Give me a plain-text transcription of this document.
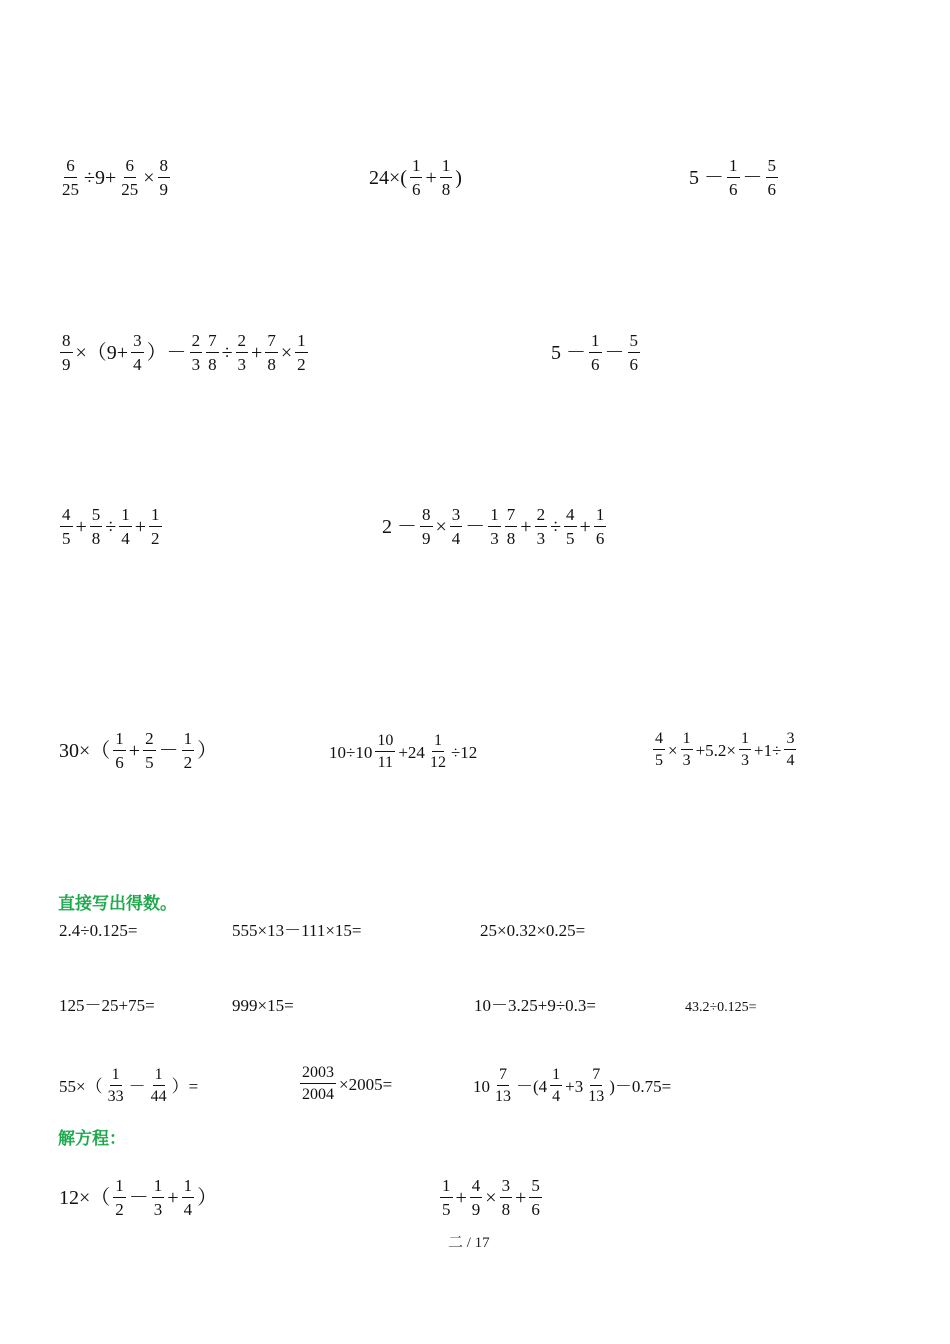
$\frac{6}{25} \div 9+ \frac{6}{25} \times \frac{8}{9}$	$24\times( \frac{1}{6} + \frac{1}{8}$ )	$5 - \frac{1}{6} - \frac{5}{6}$
$\frac{8}{9} \times(9+ \frac{3}{4}$ ）－ $\frac{2}{3} \frac{7}{8} \div \frac{2}{3} + \frac{7}{8} \times \frac{1}{2}$	$5 - \frac{1}{6} - \frac{5}{6}$
$\frac{4}{5} + \frac{5}{8} \div \frac{1}{4} + \frac{1}{2}$	$2 - \frac{8}{9} \times \frac{3}{4} - \frac{1}{3} \frac{7}{8} + \frac{2}{3} \div \frac{4}{5} + \frac{1}{6}$
$30\times( \frac{1}{6} + \frac{2}{5} - \frac{1}{2}$ ）	$10\div 10 \frac{10}{11} +24 \frac{1}{12} \div 12$	$\frac{4}{5} \times \frac{1}{3} +5.2\times \frac{1}{3} +1\div \frac{3}{4}$
直接写出得数。
2.4÷0.125=	555×13－111×15=	25×0.32×0.25=
125－25+75=	999×15=	10－3.25+9÷0.3=	43.2÷0.125=
$55\times( \frac{1}{33} - \frac{1}{44}$ ）=	$\frac{2003}{2004} \times 2005=$	$10 \frac{7}{13} -(4 \frac{1}{4} +3 \frac{7}{13} )-0.75=$
解方程：
$12\times( \frac{1}{2} - \frac{1}{3} + \frac{1}{4}$ ）	$\frac{1}{5} + \frac{4}{9} \times \frac{3}{8} + \frac{5}{6}$
二 / 17
